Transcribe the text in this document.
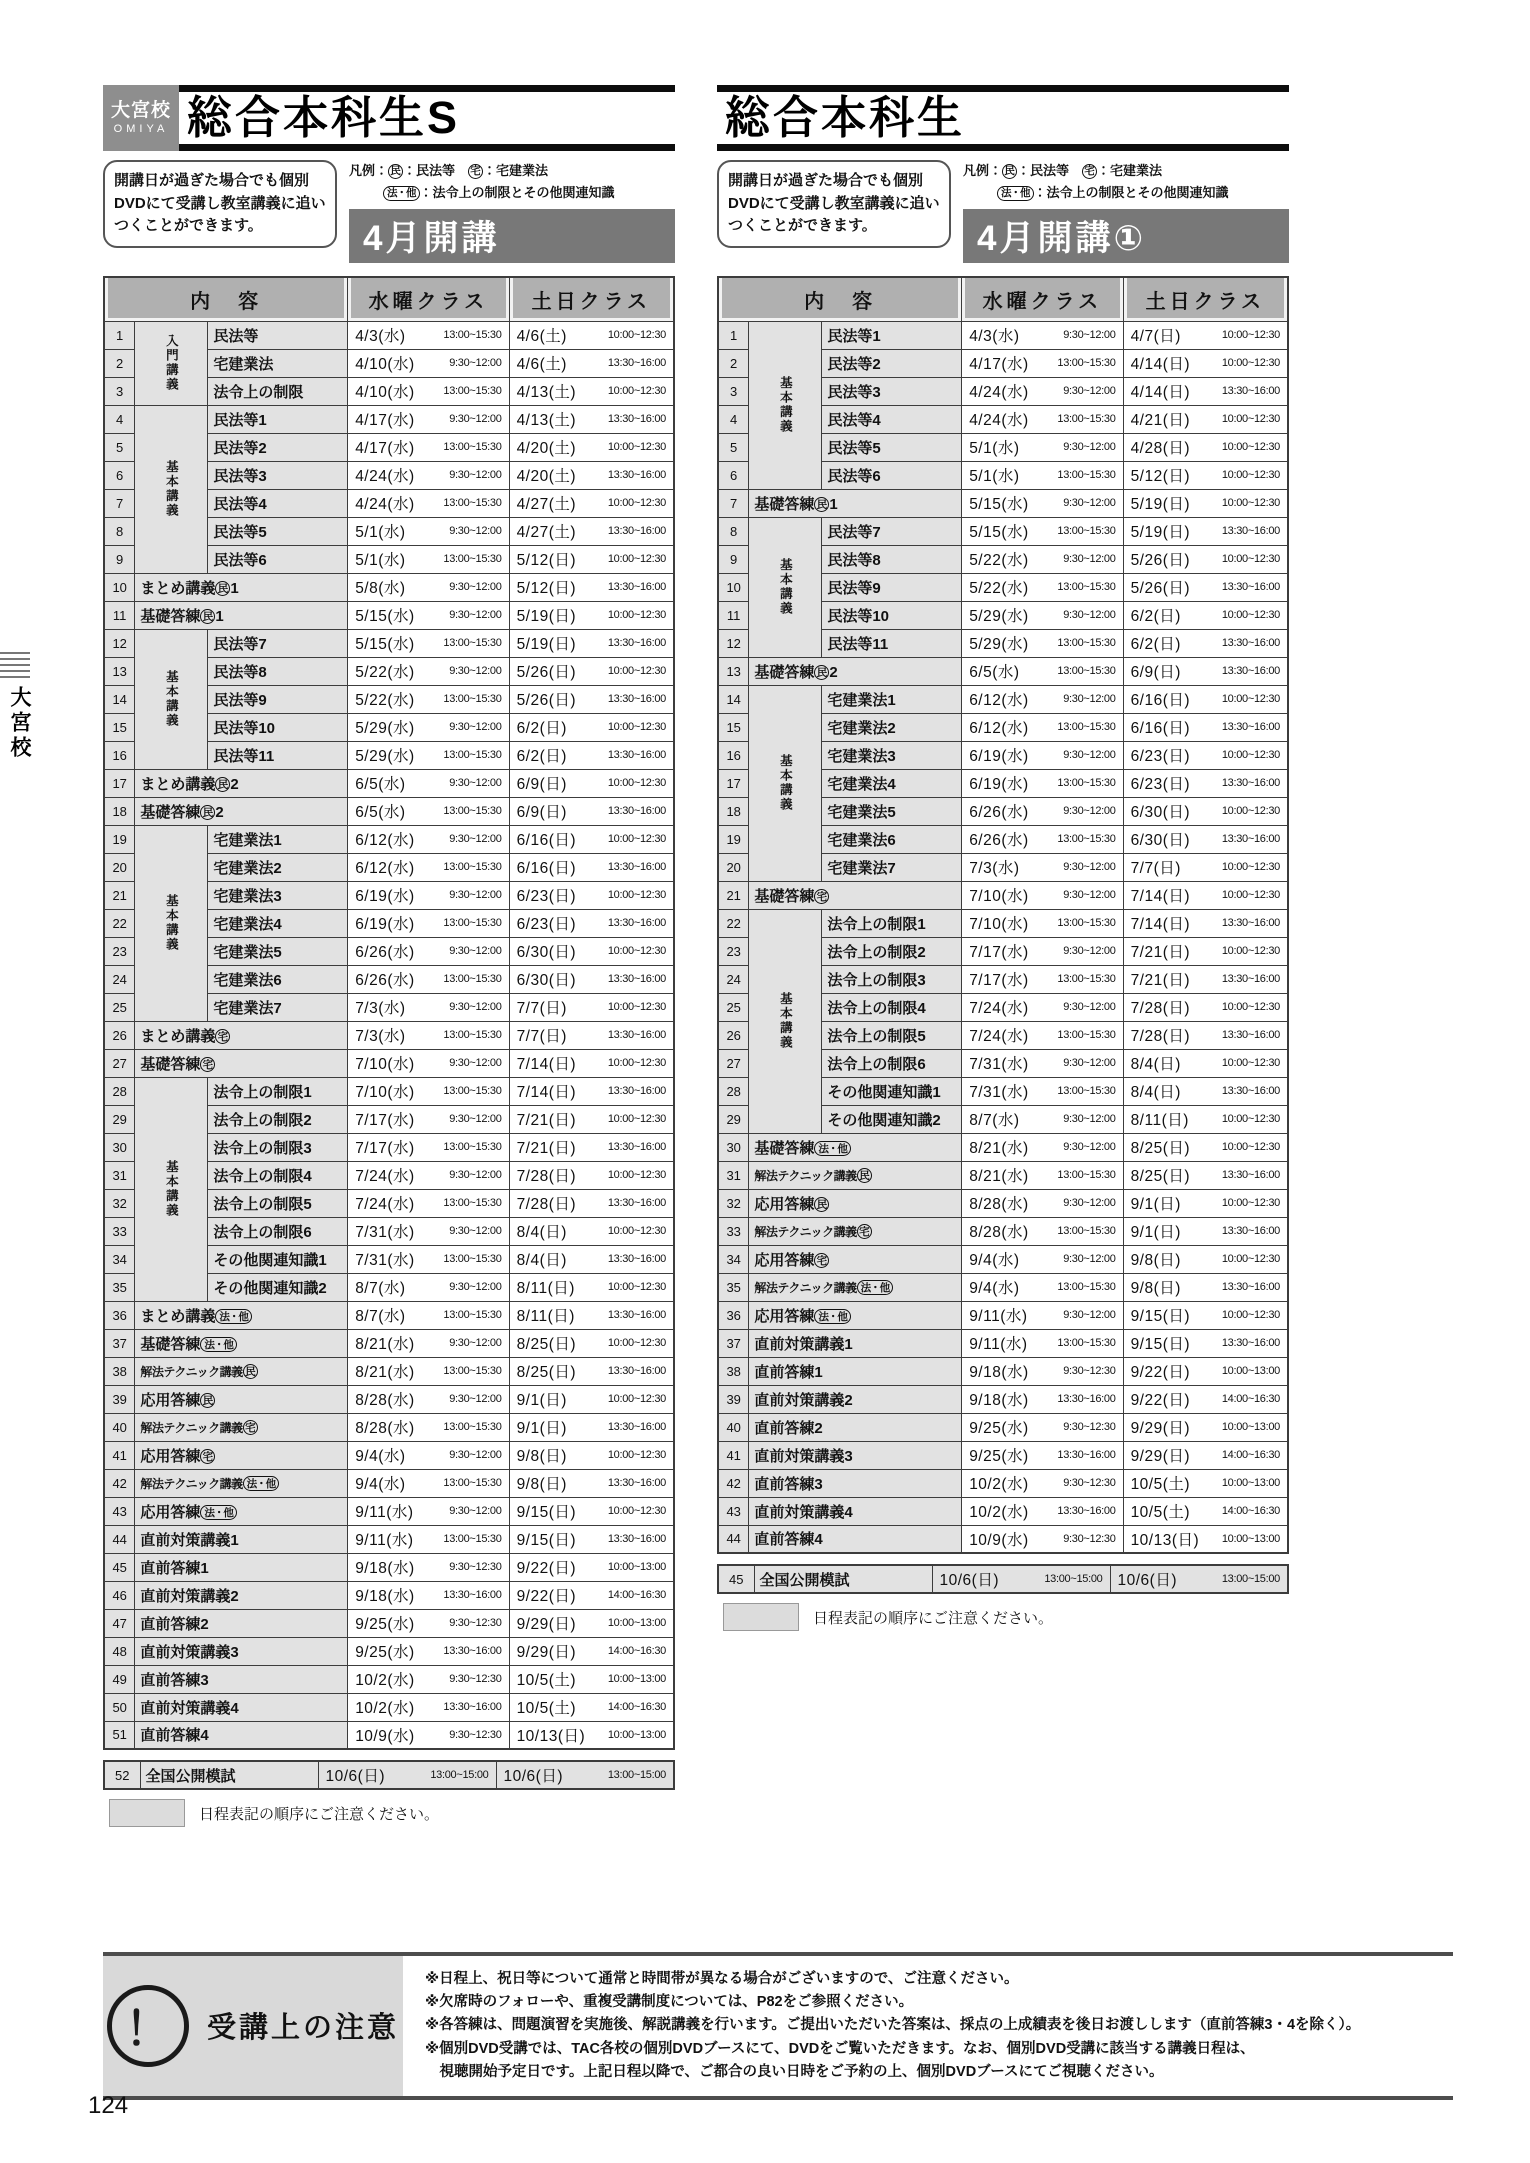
大宮校
大宮校
OMIYA 総合本科生S
開講日が過ぎた場合でも個別DVDにて受講し教室講義に追いつくことができます。
凡例： 民 ：民法等　 宅 ：宅建業法
法・他 ：法令上の制限とその他関連知識
4月開講
内　容			水曜クラス	土日クラス
1	入門講義	民法等	4/3(水) 13:00~15:30	4/6(土) 10:00~12:30

2		宅建業法	4/10(水) 9:30~12:00	4/6(土) 13:30~16:00

3		法令上の制限	4/10(水) 13:00~15:30	4/13(土) 10:00~12:30

4	基本講義	民法等1	4/17(水) 9:30~12:00	4/13(土) 13:30~16:00

5		民法等2	4/17(水) 13:00~15:30	4/20(土) 10:00~12:30

6		民法等3	4/24(水) 9:30~12:00	4/20(土) 13:30~16:00

7		民法等4	4/24(水) 13:00~15:30	4/27(土) 10:00~12:30

8		民法等5	5/1(水) 9:30~12:00	4/27(土) 13:30~16:00

9		民法等6	5/1(水) 13:00~15:30	5/12(日) 10:00~12:30

10	まとめ講義 民 1		5/8(水) 9:30~12:00	5/12(日) 13:30~16:00

11	基礎答練 民 1		5/15(水) 9:30~12:00	5/19(日) 10:00~12:30

12	基本講義	民法等7	5/15(水) 13:00~15:30	5/19(日) 13:30~16:00

13		民法等8	5/22(水) 9:30~12:00	5/26(日) 10:00~12:30

14		民法等9	5/22(水) 13:00~15:30	5/26(日) 13:30~16:00

15		民法等10	5/29(水) 9:30~12:00	6/2(日) 10:00~12:30

16		民法等11	5/29(水) 13:00~15:30	6/2(日) 13:30~16:00

17	まとめ講義 民 2		6/5(水) 9:30~12:00	6/9(日) 10:00~12:30

18	基礎答練 民 2		6/5(水) 13:00~15:30	6/9(日) 13:30~16:00

19	基本講義	宅建業法1	6/12(水) 9:30~12:00	6/16(日) 10:00~12:30

20		宅建業法2	6/12(水) 13:00~15:30	6/16(日) 13:30~16:00

21		宅建業法3	6/19(水) 9:30~12:00	6/23(日) 10:00~12:30

22		宅建業法4	6/19(水) 13:00~15:30	6/23(日) 13:30~16:00

23		宅建業法5	6/26(水) 9:30~12:00	6/30(日) 10:00~12:30

24		宅建業法6	6/26(水) 13:00~15:30	6/30(日) 13:30~16:00

25		宅建業法7	7/3(水) 9:30~12:00	7/7(日) 10:00~12:30

26	まとめ講義 宅		7/3(水) 13:00~15:30	7/7(日) 13:30~16:00

27	基礎答練 宅		7/10(水) 9:30~12:00	7/14(日) 10:00~12:30

28	基本講義	法令上の制限1	7/10(水) 13:00~15:30	7/14(日) 13:30~16:00

29		法令上の制限2	7/17(水) 9:30~12:00	7/21(日) 10:00~12:30

30		法令上の制限3	7/17(水) 13:00~15:30	7/21(日) 13:30~16:00

31		法令上の制限4	7/24(水) 9:30~12:00	7/28(日) 10:00~12:30

32		法令上の制限5	7/24(水) 13:00~15:30	7/28(日) 13:30~16:00

33		法令上の制限6	7/31(水) 9:30~12:00	8/4(日) 10:00~12:30

34		その他関連知識1	7/31(水) 13:00~15:30	8/4(日) 13:30~16:00

35		その他関連知識2	8/7(水) 9:30~12:00	8/11(日) 10:00~12:30

36	まとめ講義 法・他		8/7(水) 13:00~15:30	8/11(日) 13:30~16:00

37	基礎答練 法・他		8/21(水) 9:30~12:00	8/25(日) 10:00~12:30

38	解法テクニック講義 民		8/21(水) 13:00~15:30	8/25(日) 13:30~16:00

39	応用答練 民		8/28(水) 9:30~12:00	9/1(日) 10:00~12:30

40	解法テクニック講義 宅		8/28(水) 13:00~15:30	9/1(日) 13:30~16:00

41	応用答練 宅		9/4(水) 9:30~12:00	9/8(日) 10:00~12:30

42	解法テクニック講義 法・他		9/4(水) 13:00~15:30	9/8(日) 13:30~16:00

43	応用答練 法・他		9/11(水) 9:30~12:00	9/15(日) 10:00~12:30

44	直前対策講義1		9/11(水) 13:00~15:30	9/15(日) 13:30~16:00

45	直前答練1		9/18(水) 9:30~12:30	9/22(日) 10:00~13:00

46	直前対策講義2		9/18(水) 13:30~16:00	9/22(日) 14:00~16:30

47	直前答練2		9/25(水) 9:30~12:30	9/29(日) 10:00~13:00

48	直前対策講義3		9/25(水) 13:30~16:00	9/29(日) 14:00~16:30

49	直前答練3		10/2(水) 9:30~12:30	10/5(土) 10:00~13:00

50	直前対策講義4		10/2(水) 13:30~16:00	10/5(土) 14:00~16:30

51	直前答練4		10/9(水) 9:30~12:30	10/13(日) 10:00~13:00
52	全国公開模試	10/6(日)	13:00~15:00	10/6(日)	13:00~15:00
日程表記の順序にご注意ください。
総合本科生
開講日が過ぎた場合でも個別DVDにて受講し教室講義に追いつくことができます。
凡例： 民 ：民法等　 宅 ：宅建業法
法・他 ：法令上の制限とその他関連知識
4月開講①
内　容			水曜クラス	土日クラス
1	基本講義	民法等1	4/3(水) 9:30~12:00	4/7(日) 10:00~12:30

2		民法等2	4/17(水) 13:00~15:30	4/14(日) 10:00~12:30

3		民法等3	4/24(水) 9:30~12:00	4/14(日) 13:30~16:00

4		民法等4	4/24(水) 13:00~15:30	4/21(日) 10:00~12:30

5		民法等5	5/1(水) 9:30~12:00	4/28(日) 10:00~12:30

6		民法等6	5/1(水) 13:00~15:30	5/12(日) 10:00~12:30

7	基礎答練 民 1		5/15(水) 9:30~12:00	5/19(日) 10:00~12:30

8	基本講義	民法等7	5/15(水) 13:00~15:30	5/19(日) 13:30~16:00

9		民法等8	5/22(水) 9:30~12:00	5/26(日) 10:00~12:30

10		民法等9	5/22(水) 13:00~15:30	5/26(日) 13:30~16:00

11		民法等10	5/29(水) 9:30~12:00	6/2(日) 10:00~12:30

12		民法等11	5/29(水) 13:00~15:30	6/2(日) 13:30~16:00

13	基礎答練 民 2		6/5(水) 13:00~15:30	6/9(日) 13:30~16:00

14	基本講義	宅建業法1	6/12(水) 9:30~12:00	6/16(日) 10:00~12:30

15		宅建業法2	6/12(水) 13:00~15:30	6/16(日) 13:30~16:00

16		宅建業法3	6/19(水) 9:30~12:00	6/23(日) 10:00~12:30

17		宅建業法4	6/19(水) 13:00~15:30	6/23(日) 13:30~16:00

18		宅建業法5	6/26(水) 9:30~12:00	6/30(日) 10:00~12:30

19		宅建業法6	6/26(水) 13:00~15:30	6/30(日) 13:30~16:00

20		宅建業法7	7/3(水) 9:30~12:00	7/7(日) 10:00~12:30

21	基礎答練 宅		7/10(水) 9:30~12:00	7/14(日) 10:00~12:30

22	基本講義	法令上の制限1	7/10(水) 13:00~15:30	7/14(日) 13:30~16:00

23		法令上の制限2	7/17(水) 9:30~12:00	7/21(日) 10:00~12:30

24		法令上の制限3	7/17(水) 13:00~15:30	7/21(日) 13:30~16:00

25		法令上の制限4	7/24(水) 9:30~12:00	7/28(日) 10:00~12:30

26		法令上の制限5	7/24(水) 13:00~15:30	7/28(日) 13:30~16:00

27		法令上の制限6	7/31(水) 9:30~12:00	8/4(日) 10:00~12:30

28		その他関連知識1	7/31(水) 13:00~15:30	8/4(日) 13:30~16:00

29		その他関連知識2	8/7(水) 9:30~12:00	8/11(日) 10:00~12:30

30	基礎答練 法・他		8/21(水) 9:30~12:00	8/25(日) 10:00~12:30

31	解法テクニック講義 民		8/21(水) 13:00~15:30	8/25(日) 13:30~16:00

32	応用答練 民		8/28(水) 9:30~12:00	9/1(日) 10:00~12:30

33	解法テクニック講義 宅		8/28(水) 13:00~15:30	9/1(日) 13:30~16:00

34	応用答練 宅		9/4(水) 9:30~12:00	9/8(日) 10:00~12:30

35	解法テクニック講義 法・他		9/4(水) 13:00~15:30	9/8(日) 13:30~16:00

36	応用答練 法・他		9/11(水) 9:30~12:00	9/15(日) 10:00~12:30

37	直前対策講義1		9/11(水) 13:00~15:30	9/15(日) 13:30~16:00

38	直前答練1		9/18(水) 9:30~12:30	9/22(日) 10:00~13:00

39	直前対策講義2		9/18(水) 13:30~16:00	9/22(日) 14:00~16:30

40	直前答練2		9/25(水) 9:30~12:30	9/29(日) 10:00~13:00

41	直前対策講義3		9/25(水) 13:30~16:00	9/29(日) 14:00~16:30

42	直前答練3		10/2(水) 9:30~12:30	10/5(土) 10:00~13:00

43	直前対策講義4		10/2(水) 13:30~16:00	10/5(土) 14:00~16:30

44	直前答練4		10/9(水) 9:30~12:30	10/13(日) 10:00~13:00
45	全国公開模試	10/6(日)	13:00~15:00	10/6(日)	13:00~15:00
日程表記の順序にご注意ください。
！	受講上の注意
※日程上、祝日等について通常と時間帯が異なる場合がございますので、ご注意ください。
※欠席時のフォローや、重複受講制度については、P82をご参照ください。
※各答練は、問題演習を実施後、解説講義を行います。ご提出いただいた答案は、採点の上成績表を後日お渡しします（直前答練3・4を除く）。
※個別DVD受講では、TAC各校の個別DVDブースにて、DVDをご覧いただきます。なお、個別DVD受講に該当する講義日程は、
　視聴開始予定日です。上記日程以降で、ご都合の良い日時をご予約の上、個別DVDブースにてご視聴ください。
124
